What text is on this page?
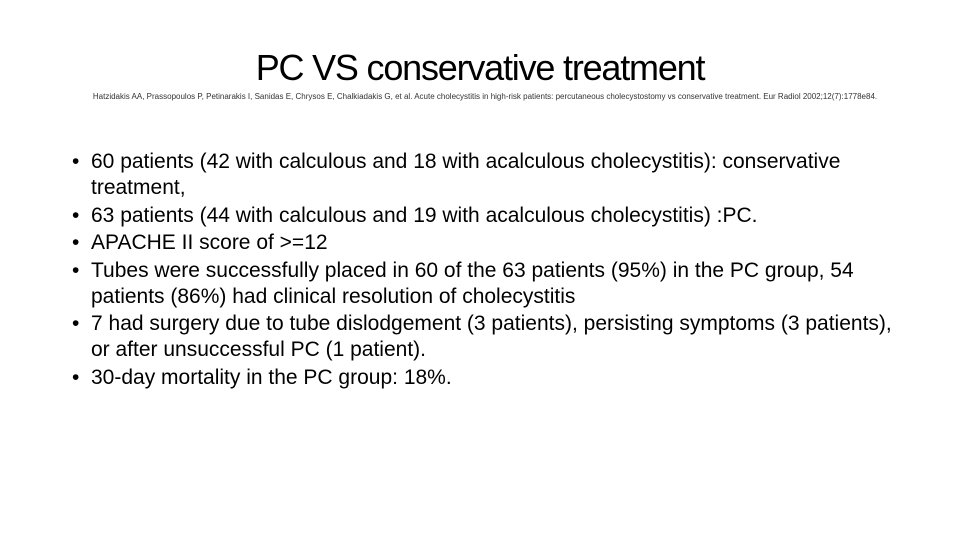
PC VS conservative treatment
Hatzidakis AA, Prassopoulos P, Petinarakis I, Sanidas E, Chrysos E, Chalkiadakis G, et al. Acute cholecystitis in high-risk patients: percutaneous cholecystostomy vs conservative treatment. Eur Radiol 2002;12(7):1778e84.
• 60 patients (42 with calculous and 18 with acalculous cholecystitis): conservative treatment,
• 63 patients (44 with calculous and 19 with acalculous cholecystitis) :PC.
• APACHE II score of >=12
• Tubes were successfully placed in 60 of the 63 patients (95%) in the PC group, 54 patients (86%) had clinical resolution of cholecystitis
• 7 had surgery due to tube dislodgement (3 patients), persisting symptoms (3 patients), or after unsuccessful PC (1 patient).
• 30-day mortality in the PC group: 18%.
